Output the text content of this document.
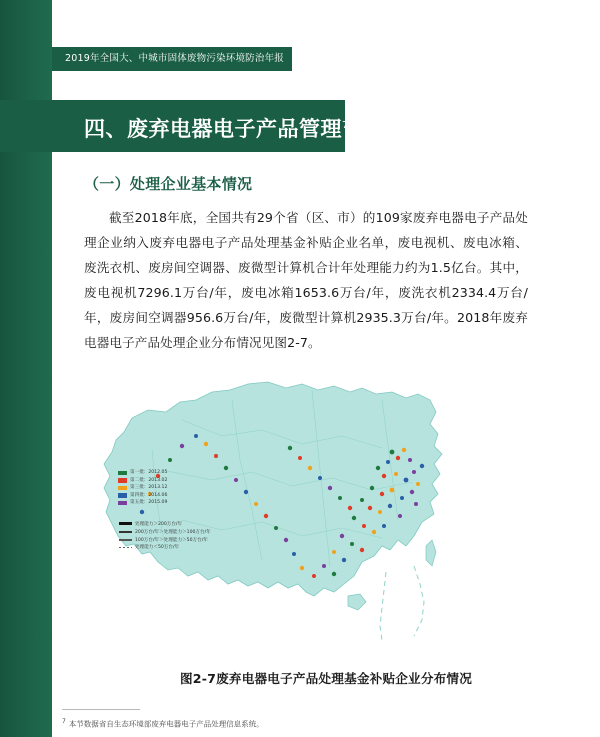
2019年全国大、中城市固体废物污染环境防治年报
四、废弃电器电子产品管理$^7$
（一）处理企业基本情况
截至2018年底，全国共有29个省（区、市）的109家废弃电器电子产品处理企业纳入废弃电器电子产品处理基金补贴企业名单，废电视机、废电冰箱、废洗衣机、废房间空调器、废微型计算机合计年处理能力约为1.5亿台。其中，废电视机7296.1万台/年，废电冰箱1653.6万台/年，废洗衣机2334.4万台/年，废房间空调器956.6万台/年，废微型计算机2935.3万台/年。2018年废弃电器电子产品处理企业分布情况见图2-7。
第一批：2012.05
第二批：2013.02
第三批：2013.12
第四批：2014.06
第五批：2015.09
处理能力＞200万台/年
200万台/年＞处理能力＞100万台/年
100万台/年＞处理能力＞50万台/年
处理能力＜50万台/年
图2-7废弃电器电子产品处理基金补贴企业分布情况
$^7$ 本节数据省自生态环境部废弃电器电子产品处理信息系统。
